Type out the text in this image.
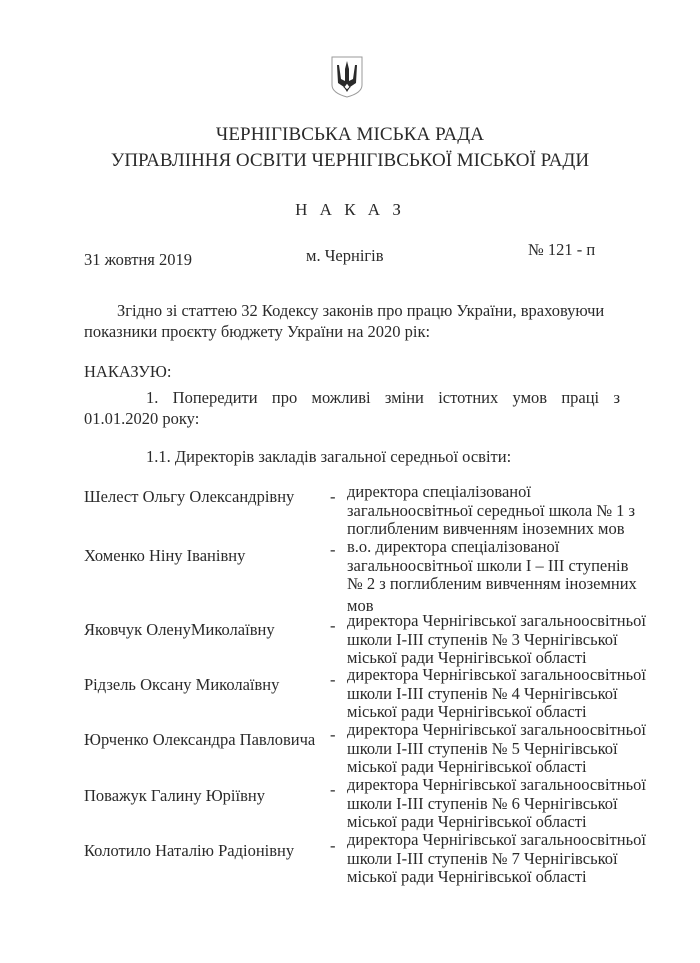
ЧЕРНІГІВСЬКА МІСЬКА РАДА
УПРАВЛІННЯ ОСВІТИ ЧЕРНІГІВСЬКОЇ МІСЬКОЇ РАДИ
Н А К А З
31 жовтня 2019	м. Чернігів	№ 121 - п
Згідно зі статтею 32 Кодексу законів про працю України, враховуючи
показники проєкту бюджету України на 2020 рік:
НАКАЗУЮ:
1. Попередити про можливі зміни істотних умов праці з
01.01.2020 року:
1.1. Директорів закладів загальної середньої освіти:
Шелест Ольгу Олександрівну - директора спеціалізованої
загальноосвітньої середньої школа № 1 з
поглибленим вивченням іноземних мов
Хоменко Ніну Іванівну	- в.о. директора спеціалізованої
загальноосвітньої школи І – ІІІ ступенів
№ 2 з поглибленим вивченням іноземних
мов
Яковчук ОленуМиколаївну	- директора Чернігівської загальноосвітньої
школи І-ІІІ ступенів № 3 Чернігівської
міської ради Чернігівської області
Рідзель Оксану Миколаївну	- директора Чернігівської загальноосвітньої
школи І-ІІІ ступенів № 4 Чернігівської
міської ради Чернігівської області
Юрченко Олександра Павловича - директора Чернігівської загальноосвітньої
школи І-ІІІ ступенів № 5 Чернігівської
міської ради Чернігівської області
Поважук Галину Юріївну	- директора Чернігівської загальноосвітньої
школи І-ІІІ ступенів № 6 Чернігівської
міської ради Чернігівської області
Колотило Наталію Радіонівну - директора Чернігівської загальноосвітньої
школи І-ІІІ ступенів № 7 Чернігівської
міської ради Чернігівської області
